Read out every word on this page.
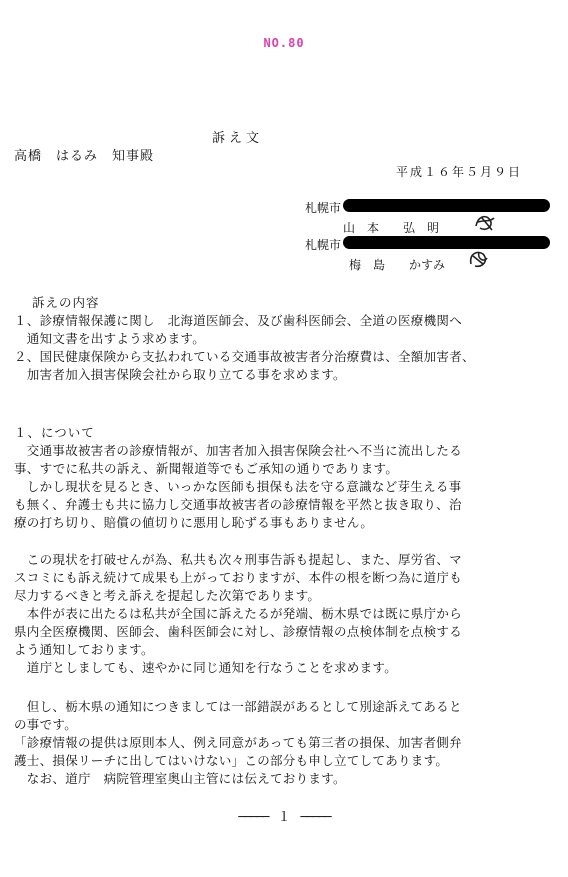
NO.80
訴え文
高橋　はるみ　知事殿
平成１６年５月９日
札幌市
山　本　　弘　明
札幌市
梅　島　　かすみ
訴えの内容
１、診療情報保護に関し　北海道医師会、及び歯科医師会、全道の医療機関へ
　通知文書を出すよう求めます。
２、国民健康保険から支払われている交通事故被害者分治療費は、全額加害者、
　加害者加入損害保険会社から取り立てる事を求めます。
１、について
　交通事故被害者の診療情報が、加害者加入損害保険会社へ不当に流出したる
事、すでに私共の訴え、新聞報道等でもご承知の通りであります。
　しかし現状を見るとき、いっかな医師も損保も法を守る意識など芽生える事
も無く、弁護士も共に協力し交通事故被害者の診療情報を平然と抜き取り、治
療の打ち切り、賠償の値切りに悪用し恥ずる事もありません。
　この現状を打破せんが為、私共も次々刑事告訴も提起し、また、厚労省、マ
スコミにも訴え続けて成果も上がっておりますが、本件の根を断つ為に道庁も
尽力するべきと考え訴えを提起した次第であります。
　本件が表に出たるは私共が全国に訴えたるが発端、栃木県では既に県庁から
県内全医療機関、医師会、歯科医師会に対し、診療情報の点検体制を点検する
よう通知しております。
　道庁としましても、速やかに同じ通知を行なうことを求めます。
　但し、栃木県の通知につきましては一部錯誤があるとして別途訴えてあると
の事です。
「診療情報の提供は原則本人、例え同意があっても第三者の損保、加害者側弁
護士、損保リーチに出してはいけない」この部分も申し立てしてあります。
　なお、道庁　病院管理室奥山主管には伝えております。
───── １ ─────
